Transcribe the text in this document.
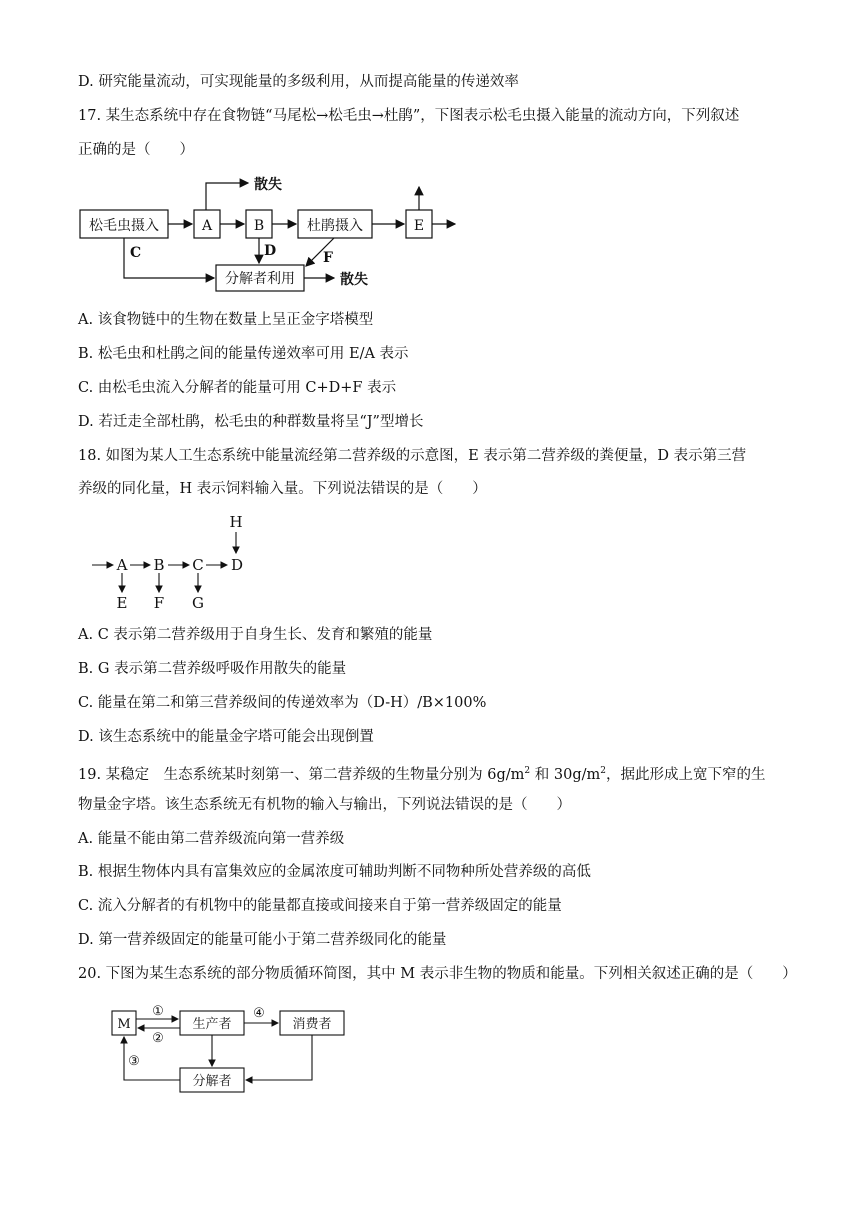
D. 研究能量流动，可实现能量的多级利用，从而提高能量的传递效率
17. 某生态系统中存在食物链“马尾松→松毛虫→杜鹃”，下图表示松毛虫摄入能量的流动方向，下列叙述
正确的是（　　）
松毛虫摄入	A	B	杜鹃摄入	E
分解者利用
散失
散失
C	D	F
A. 该食物链中的生物在数量上呈正金字塔模型
B. 松毛虫和杜鹃之间的能量传递效率可用 E/A 表示
C. 由松毛虫流入分解者的能量可用 C+D+F 表示
D. 若迁走全部杜鹃，松毛虫的种群数量将呈“J”型增长
18. 如图为某人工生态系统中能量流经第二营养级的示意图，E 表示第二营养级的粪便量，D 表示第三营
养级的同化量，H 表示饲料输入量。下列说法错误的是（　　）
H
A B C D
E F G
A. C 表示第二营养级用于自身生长、发育和繁殖的能量
B. G 表示第二营养级呼吸作用散失的能量
C. 能量在第二和第三营养级间的传递效率为（D-H）/B×100%
D. 该生态系统中的能量金字塔可能会出现倒置
19. 某稳定　生态系统某时刻第一、第二营养级的生物量分别为 $6g/m^2$ 和 $30g/m^2$，据此形成上宽下窄的生
物量金字塔。该生态系统无有机物的输入与输出，下列说法错误的是（　　）
A. 能量不能由第二营养级流向第一营养级
B. 根据生物体内具有富集效应的金属浓度可辅助判断不同物种所处营养级的高低
C. 流入分解者的有机物中的能量都直接或间接来自于第一营养级固定的能量
D. 第一营养级固定的能量可能小于第二营养级同化的能量
20. 下图为某生态系统的部分物质循环简图，其中 M 表示非生物的物质和能量。下列相关叙述正确的是（　　）
M	生产者	消费者
分解者
①
②
③
④
